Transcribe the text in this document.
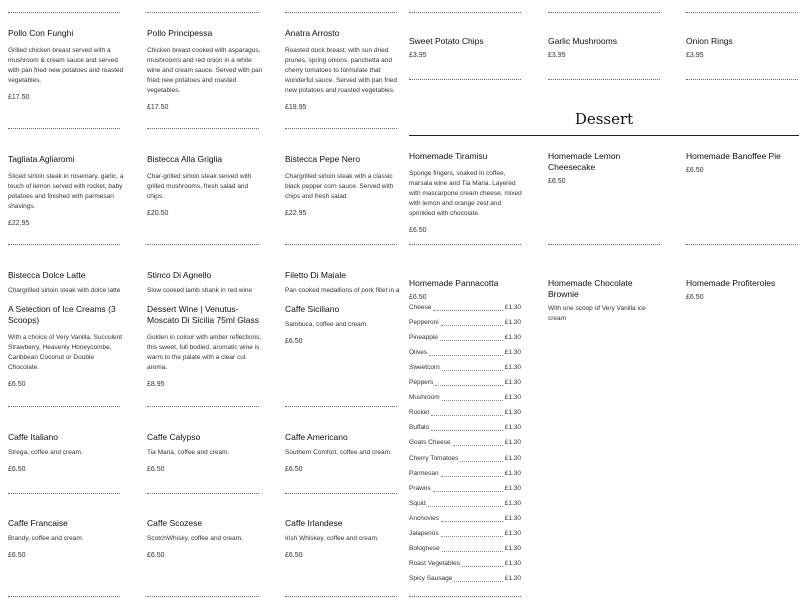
Pollo Con Funghi
Grilled chicken breast served with a mushroom & cream sauce and served with pan fried new potatoes and roasted vegetables.
£17.50
Pollo Principessa
Chicken breast cooked with asparagus, mushrooms and red onion in a white wine and cream sauce. Served with pan fried new potatoes and roasted vegetables.
£17.50
Anatra Arrosto
Roasted duck breast, with sun dried prunes, spring onions, panchetta and cherry tomatoes to formulate that wonderful sauce. Served with pan fried new potatoes and roasted vegetables.
£19.95
Tagliata Agliaromi
Sliced sirloin steak in rosemary, garlic, a touch of lemon served with rocket, baby potatoes and finished with parmesan shavings.
£22.95
Bistecca Alla Griglia
Char-grilled sirloin steak served with grilled mushrooms, fresh salad and chips.
£20.50
Bistecca Pepe Nero
Chargrilled sirloin steak with a classic black pepper corn sauce. Served with chips and fresh salad.
£22.95
Bistecca Dolce Latte
Chargrilled sirloin steak with dolce latte
Stinco Di Agnello
Slow cooked lamb shank in red wine
Filetto Di Maiale
Pan cooked medallions of pork fillet in a
Sweet Potato Chips
£3.95
Garlic Mushrooms
£3.95
Onion Rings
£3.95
Dessert
Homemade Tiramisu
Sponge fingers, soaked in coffee, marsala wine and Tia Maria. Layered with mascarpone cream cheese, mixed with lemon and orange zest and sprinkled with chocolate.
£6.50
Homemade Lemon Cheesecake
£6.50
Homemade Banoffee Pie
£6.50
Homemade Pannacotta
£6.50
Homemade Chocolate Brownie
With one scoop of Very Vanilla ice cream
Homemade Profiteroles
£6.50
A Selection of Ice Creams (3 Scoops)
With a choice of Very Vanilla, Succulent Strawberry, Heavenly Honeycombe, Caribbean Coconut or Double Chocolate.
£6.50
Dessert Wine | Venutus-Moscato Di Sicilia 75ml Glass
Golden in colour with amber reflections, this sweet, full bodied, aromatic wine is warm to the palate with a clear cut aroma.
£8.95
Caffe Siciliano
Sambuca, coffee and cream.
£6.50
Caffe Italiano
Strega, coffee and cream.
£6.50
Caffe Calypso
Tia Maria, coffee and cream.
£6.50
Caffe Americano
Southern Comfort, coffee and cream.
£6.50
Caffe Francaise
Brandy, coffee and cream.
£6.50
Caffe Scozese
ScotchWhisky, coffee and cream.
£6.50
Caffe Irlandese
Irish Whiskey, coffee and cream.
£6.50
Cheese	£1.30
Pepperoni	£1.30
Pineapple	£1.30
Olives	£1.30
Sweetcorn	£1.30
Peppers	£1.30
Mushroom	£1.30
Rocket	£1.30
Buffalo	£1.30
Goats Cheese	£1.30
Cherry Tomatoes	£1.30
Parmesan	£1.30
Prawns	£1.30
Squid	£1.30
Anchovies	£1.30
Jalapenos	£1.30
Bolognese	£1.30
Roast Vegetables	£1.30
Spicy Sausage	£1.30
